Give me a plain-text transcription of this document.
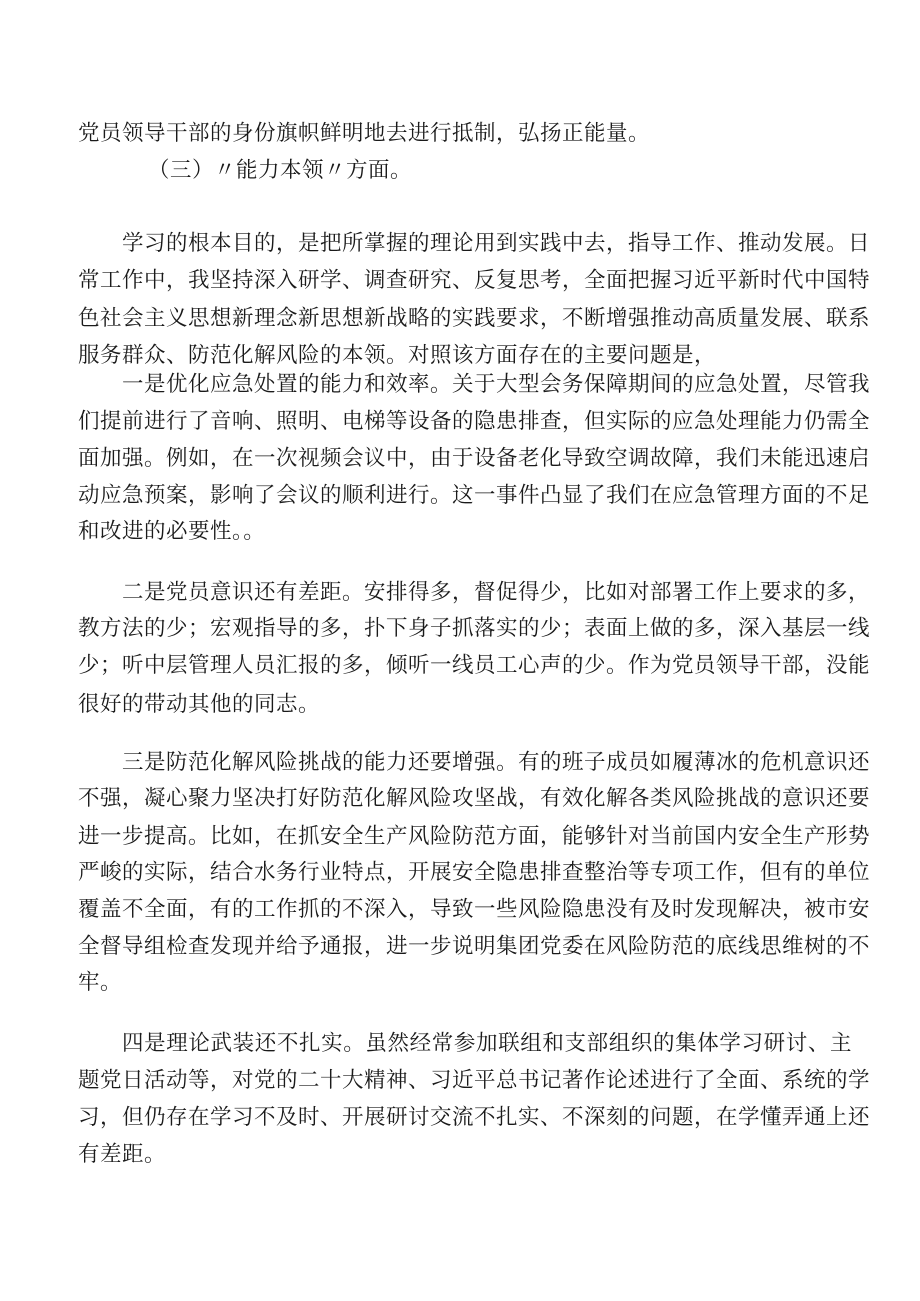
党员领导干部的身份旗帜鲜明地去进行抵制，弘扬正能量。
（三）〃能力本领〃方面。
学习的根本目的，是把所掌握的理论用到实践中去，指导工作、推动发展。日
常工作中，我坚持深入研学、调查研究、反复思考，全面把握习近平新时代中国特
色社会主义思想新理念新思想新战略的实践要求，不断增强推动高质量发展、联系
服务群众、防范化解风险的本领。对照该方面存在的主要问题是，
一是优化应急处置的能力和效率。关于大型会务保障期间的应急处置，尽管我
们提前进行了音响、照明、电梯等设备的隐患排查，但实际的应急处理能力仍需全
面加强。例如，在一次视频会议中，由于设备老化导致空调故障，我们未能迅速启
动应急预案，影响了会议的顺利进行。这一事件凸显了我们在应急管理方面的不足
和改进的必要性。。
二是党员意识还有差距。安排得多，督促得少，比如对部署工作上要求的多，
教方法的少；宏观指导的多，扑下身子抓落实的少；表面上做的多，深入基层一线
少；听中层管理人员汇报的多，倾听一线员工心声的少。作为党员领导干部，没能
很好的带动其他的同志。
三是防范化解风险挑战的能力还要增强。有的班子成员如履薄冰的危机意识还
不强，凝心聚力坚决打好防范化解风险攻坚战，有效化解各类风险挑战的意识还要
进一步提高。比如，在抓安全生产风险防范方面，能够针对当前国内安全生产形势
严峻的实际，结合水务行业特点，开展安全隐患排查整治等专项工作，但有的单位
覆盖不全面，有的工作抓的不深入，导致一些风险隐患没有及时发现解决，被市安
全督导组检查发现并给予通报，进一步说明集团党委在风险防范的底线思维树的不
牢。
四是理论武装还不扎实。虽然经常参加联组和支部组织的集体学习研讨、主
题党日活动等，对党的二十大精神、习近平总书记著作论述进行了全面、系统的学
习，但仍存在学习不及时、开展研讨交流不扎实、不深刻的问题，在学懂弄通上还
有差距。
